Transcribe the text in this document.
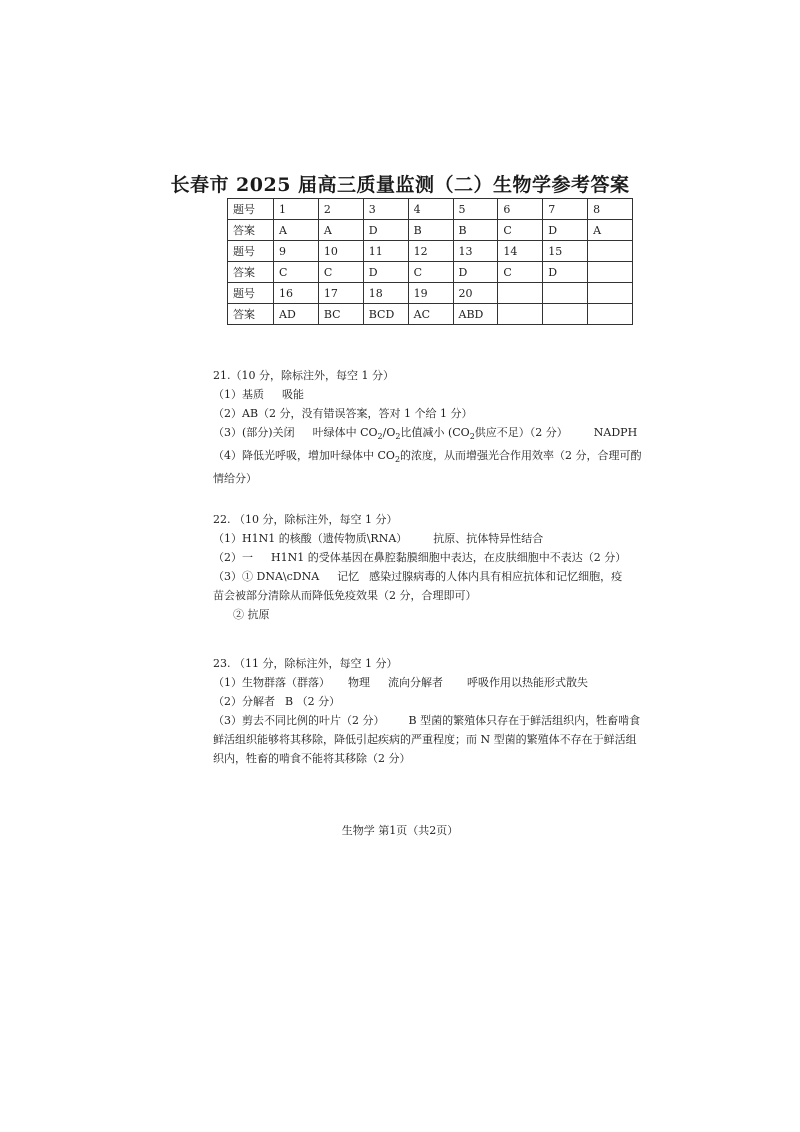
长春市 2025 届高三质量监测（二）生物学参考答案
题号	1	2	3	4	5	6	7	8
答案	A	A	D	B	B	C	D	A
题号	9	10	11	12	13	14	15	
答案	C	C	D	C	D	C	D	
题号	16	17	18	19	20			
答案	AD	BC	BCD	AC	ABD			
21.（10 分，除标注外，每空 1 分）
（1）基质 吸能
（2）AB（2 分，没有错误答案，答对 1 个给 1 分）
（3）(部分)关闭 叶绿体中 $CO_2/O_2$比值减小 ($CO_2$供应不足）（2 分） NADPH
（4）降低光呼吸，增加叶绿体中 $CO_2$的浓度，从而增强光合作用效率（2 分，合理可酌
情给分）
22. （10 分，除标注外，每空 1 分）
（1）H1N1 的核酸（遗传物质\RNA） 抗原、抗体特异性结合
（2）一 H1N1 的受体基因在鼻腔黏膜细胞中表达，在皮肤细胞中不表达（2 分）
（3）① DNA\cDNA 记忆 感染过腺病毒的人体内具有相应抗体和记忆细胞，疫
苗会被部分清除从而降低免疫效果（2 分，合理即可）
② 抗原
23. （11 分，除标注外，每空 1 分）
（1）生物群落（群落） 物理 流向分解者 呼吸作用以热能形式散失
（2）分解者 B （2 分）
（3）剪去不同比例的叶片（2 分） B 型菌的繁殖体只存在于鲜活组织内，牲畜啃食
鲜活组织能够将其移除，降低引起疾病的严重程度；而 N 型菌的繁殖体不存在于鲜活组
织内，牲畜的啃食不能将其移除（2 分）
生物学 第1页（共2页）
